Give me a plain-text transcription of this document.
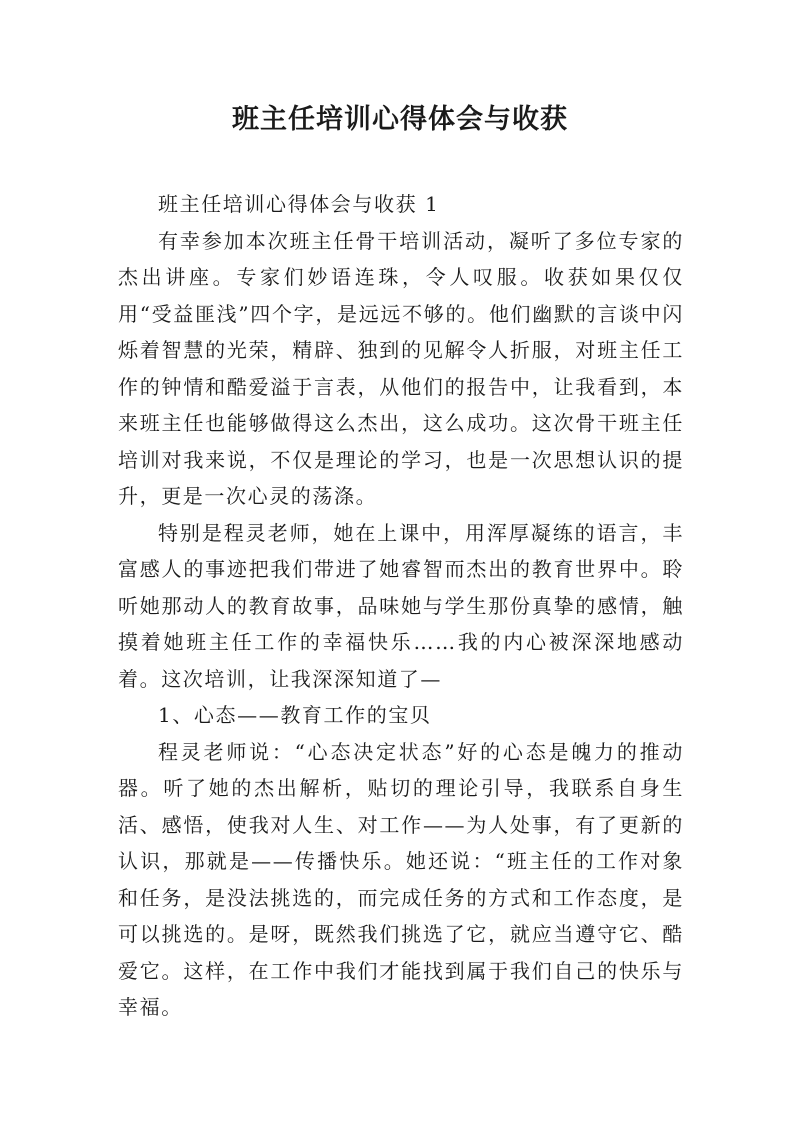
班主任培训心得体会与收获

班主任培训心得体会与收获 1

有幸参加本次班主任骨干培训活动，凝听了多位专家的杰出讲座。专家们妙语连珠，令人叹服。收获如果仅仅用“受益匪浅”四个字，是远远不够的。他们幽默的言谈中闪烁着智慧的光荣，精辟、独到的见解令人折服，对班主任工作的钟情和酷爱溢于言表，从他们的报告中，让我看到，本来班主任也能够做得这么杰出，这么成功。这次骨干班主任培训对我来说，不仅是理论的学习，也是一次思想认识的提升，更是一次心灵的荡涤。

特别是程灵老师，她在上课中，用浑厚凝练的语言，丰富感人的事迹把我们带进了她睿智而杰出的教育世界中。聆听她那动人的教育故事，品味她与学生那份真挚的感情，触摸着她班主任工作的幸福快乐……我的内心被深深地感动着。这次培训，让我深深知道了—

1、心态——教育工作的宝贝

程灵老师说：“心态决定状态”好的心态是魄力的推动器。听了她的杰出解析，贴切的理论引导，我联系自身生活、感悟，使我对人生、对工作——为人处事，有了更新的认识，那就是——传播快乐。她还说：“班主任的工作对象和任务，是没法挑选的，而完成任务的方式和工作态度，是可以挑选的。是呀，既然我们挑选了它，就应当遵守它、酷爱它。这样，在工作中我们才能找到属于我们自己的快乐与幸福。
